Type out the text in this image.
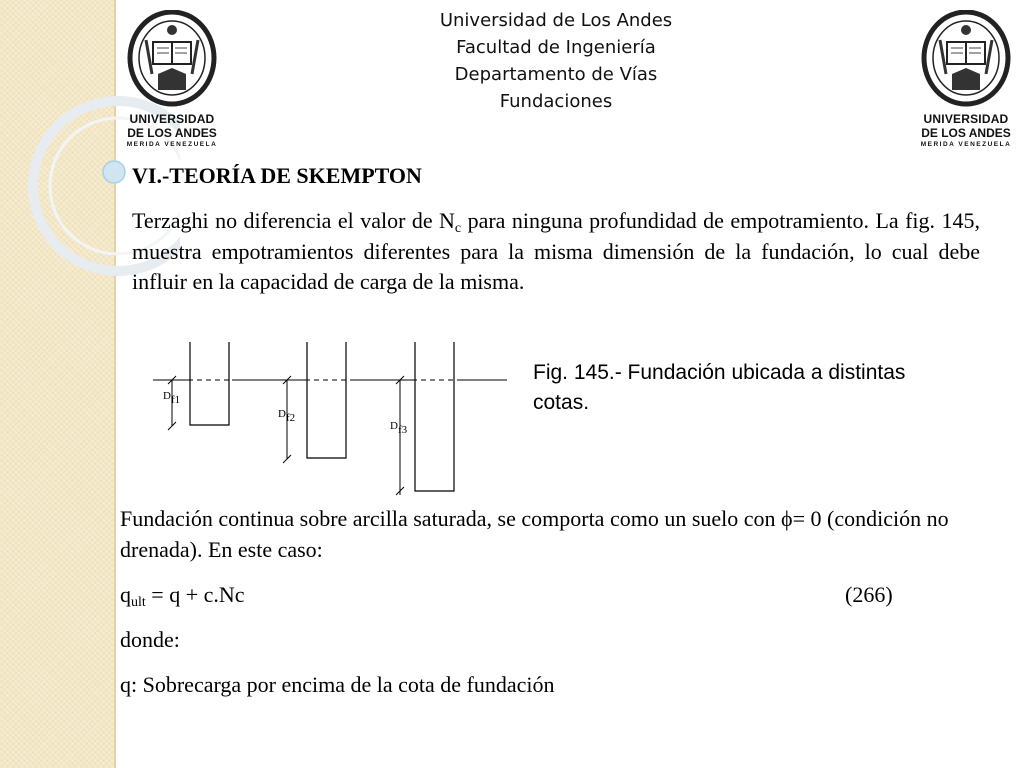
UNIVERSIDAD
DE LOS ANDES
MERIDA VENEZUELA
UNIVERSIDAD
DE LOS ANDES
MERIDA VENEZUELA
Universidad de Los Andes
Facultad de Ingeniería
Departamento de Vías
Fundaciones
VI.-TEORÍA DE SKEMPTON

Terzaghi no diferencia el valor de $N_c$ para ninguna profundidad de empotramiento. La fig. 145, muestra empotramientos diferentes para la misma dimensión de la fundación, lo cual debe influir en la capacidad de carga de la misma.

Df1
Df2
Df3
Fig. 145.- Fundación ubicada a distintas cotas.

Fundación continua sobre arcilla saturada, se comporta como un suelo con ϕ= 0 (condición no drenada). En este caso:

$q_{ult} = q + c.Nc$	(266)

donde:

q: Sobrecarga por encima de la cota de fundación
